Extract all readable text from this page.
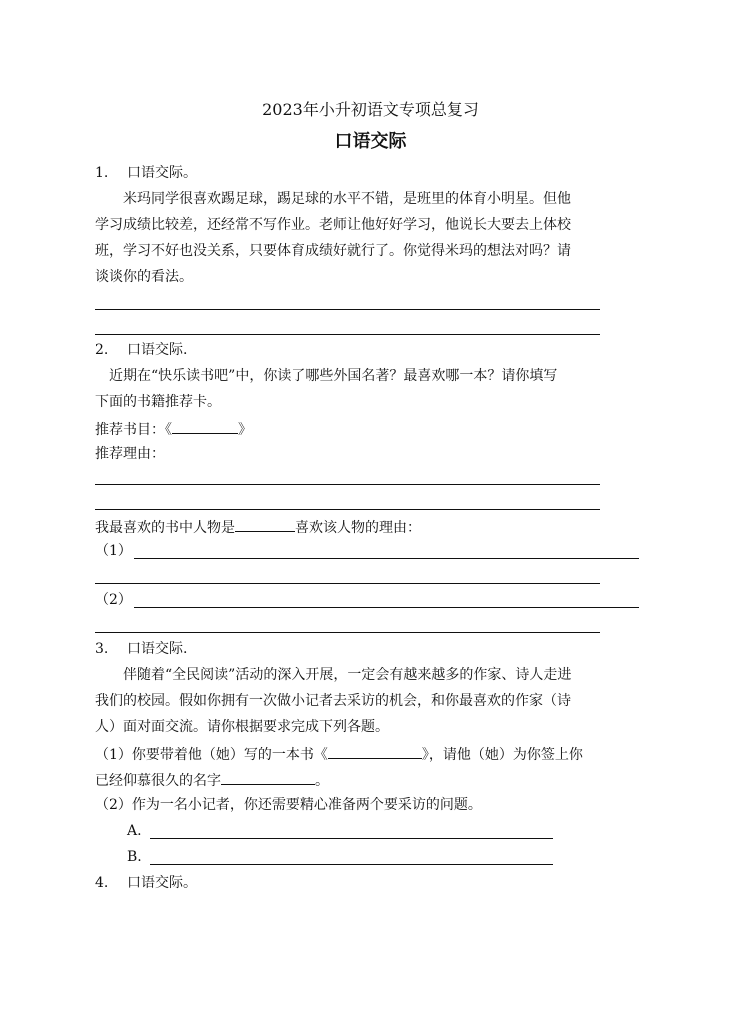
2023年小升初语文专项总复习
口语交际
1. 口语交际。
米玛同学很喜欢踢足球，踢足球的水平不错，是班里的体育小明星。但他
学习成绩比较差，还经常不写作业。老师让他好好学习，他说长大要去上体校
班，学习不好也没关系，只要体育成绩好就行了。你觉得米玛的想法对吗？请
谈谈你的看法。
2. 口语交际.
近期在“快乐读书吧”中，你读了哪些外国名著？最喜欢哪一本？请你填写
下面的书籍推荐卡。
推荐书目：《	》
推荐理由：
我最喜欢的书中人物是	喜欢该人物的理由：
（1）
（2）
3. 口语交际.
伴随着“全民阅读”活动的深入开展，一定会有越来越多的作家、诗人走进
我们的校园。假如你拥有一次做小记者去采访的机会，和你最喜欢的作家（诗
人）面对面交流。请你根据要求完成下列各题。
（1）你要带着他（她）写的一本书《	》，请他（她）为你签上你
已经仰慕很久的名字	。
（2）作为一名小记者，你还需要精心准备两个要采访的问题。
A.
B.
4. 口语交际。
